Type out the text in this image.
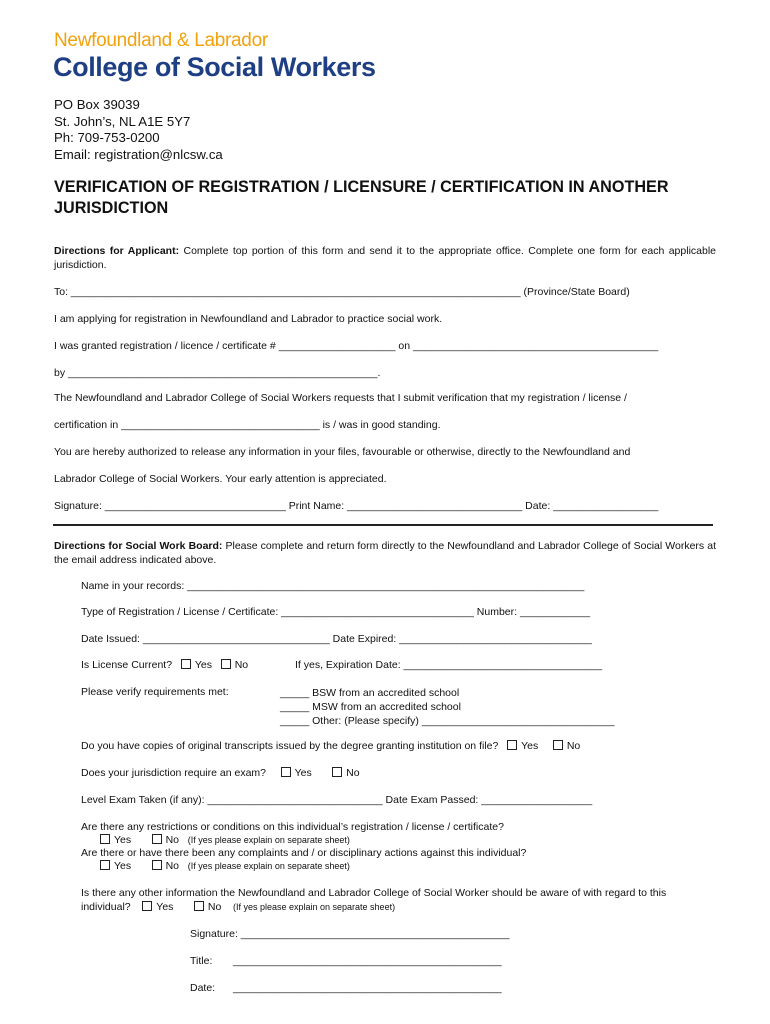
Newfoundland & Labrador
College of Social Workers
PO Box 39039
St. John’s, NL A1E 5Y7
Ph: 709-753-0200
Email: registration@nlcsw.ca
VERIFICATION OF REGISTRATION / LICENSURE / CERTIFICATION IN ANOTHER JURISDICTION
Directions for Applicant: Complete top portion of this form and send it to the appropriate office. Complete one form for each applicable jurisdiction.
To: _____________________________________________________________________________ (Province/State Board)
I am applying for registration in Newfoundland and Labrador to practice social work.
I was granted registration / licence / certificate # ____________________ on __________________________________________
by _____________________________________________________.
The Newfoundland and Labrador College of Social Workers requests that I submit verification that my registration / license /
certification in __________________________________ is / was in good standing.
You are hereby authorized to release any information in your files, favourable or otherwise, directly to the Newfoundland and
Labrador College of Social Workers. Your early attention is appreciated.
Signature: _______________________________ Print Name: ______________________________ Date: __________________
Directions for Social Work Board: Please complete and return form directly to the Newfoundland and Labrador College of Social Workers at the email address indicated above.
Name in your records: ____________________________________________________________________
Type of Registration / License / Certificate: _________________________________ Number: ____________
Date Issued: ________________________________ Date Expired: _________________________________
Is License Current? Yes No	If yes, Expiration Date: __________________________________
Please verify requirements met:	_____ BSW from an accredited school
_____ MSW from an accredited school
_____ Other: (Please specify) _________________________________
Do you have copies of original transcripts issued by the degree granting institution on file? Yes	No
Does your jurisdiction require an exam?	Yes	No
Level Exam Taken (if any): ______________________________ Date Exam Passed: ___________________
Are there any restrictions or conditions on this individual’s registration / license / certificate?
Yes	No (If yes please explain on separate sheet)
Are there or have there been any complaints and / or disciplinary actions against this individual?
Yes	No (If yes please explain on separate sheet)
Is there any other information the Newfoundland and Labrador College of Social Worker should be aware of with regard to this
individual? Yes	No (If yes please explain on separate sheet)
Signature: ______________________________________________
Title: ______________________________________________
Date: ______________________________________________
